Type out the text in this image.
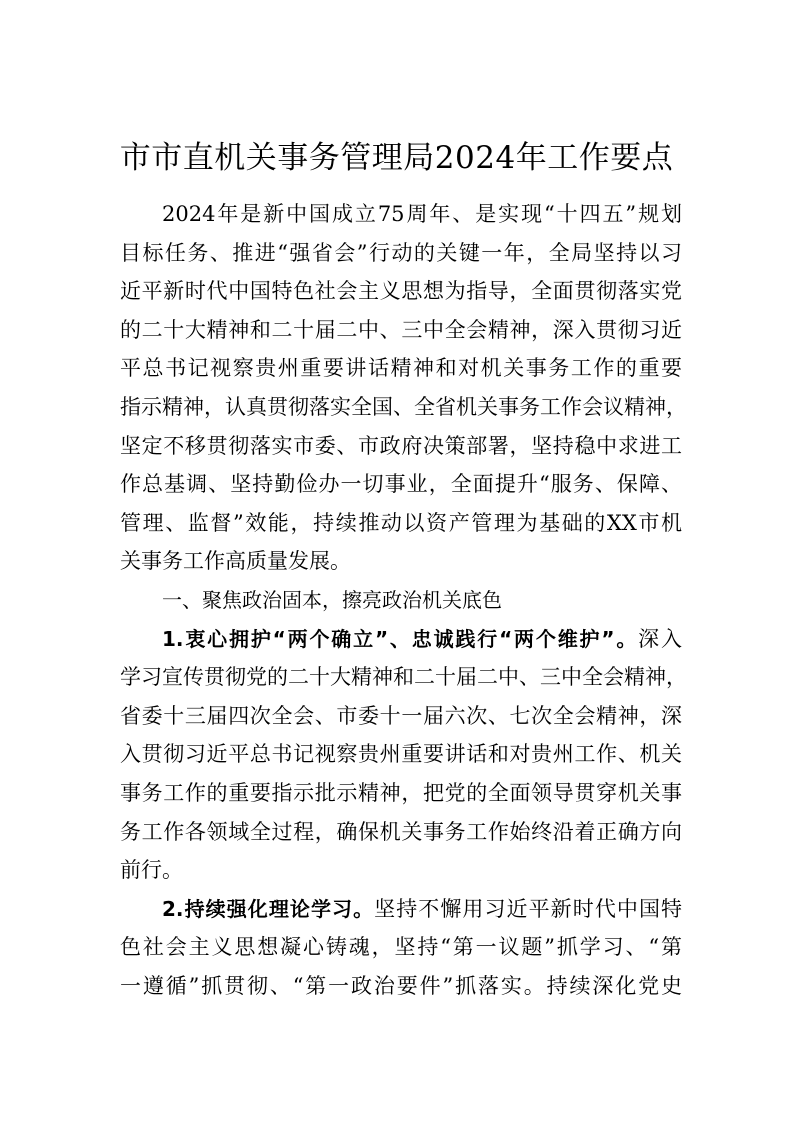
市市直机关事务管理局2024年工作要点
2024年是新中国成立75周年、是实现“十四五”规划
目标任务、推进“强省会”行动的关键一年，全局坚持以习
近平新时代中国特色社会主义思想为指导，全面贯彻落实党
的二十大精神和二十届二中、三中全会精神，深入贯彻习近
平总书记视察贵州重要讲话精神和对机关事务工作的重要
指示精神，认真贯彻落实全国、全省机关事务工作会议精神，
坚定不移贯彻落实市委、市政府决策部署，坚持稳中求进工
作总基调、坚持勤俭办一切事业，全面提升“服务、保障、
管理、监督”效能，持续推动以资产管理为基础的XX市机
关事务工作高质量发展。
一、聚焦政治固本，擦亮政治机关底色
1.衷心拥护“两个确立”、忠诚践行“两个维护”。深入
学习宣传贯彻党的二十大精神和二十届二中、三中全会精神，
省委十三届四次全会、市委十一届六次、七次全会精神，深
入贯彻习近平总书记视察贵州重要讲话和对贵州工作、机关
事务工作的重要指示批示精神，把党的全面领导贯穿机关事
务工作各领域全过程，确保机关事务工作始终沿着正确方向
前行。
2.持续强化理论学习。坚持不懈用习近平新时代中国特
色社会主义思想凝心铸魂，坚持“第一议题”抓学习、“第
一遵循”抓贯彻、“第一政治要件”抓落实。持续深化党史
